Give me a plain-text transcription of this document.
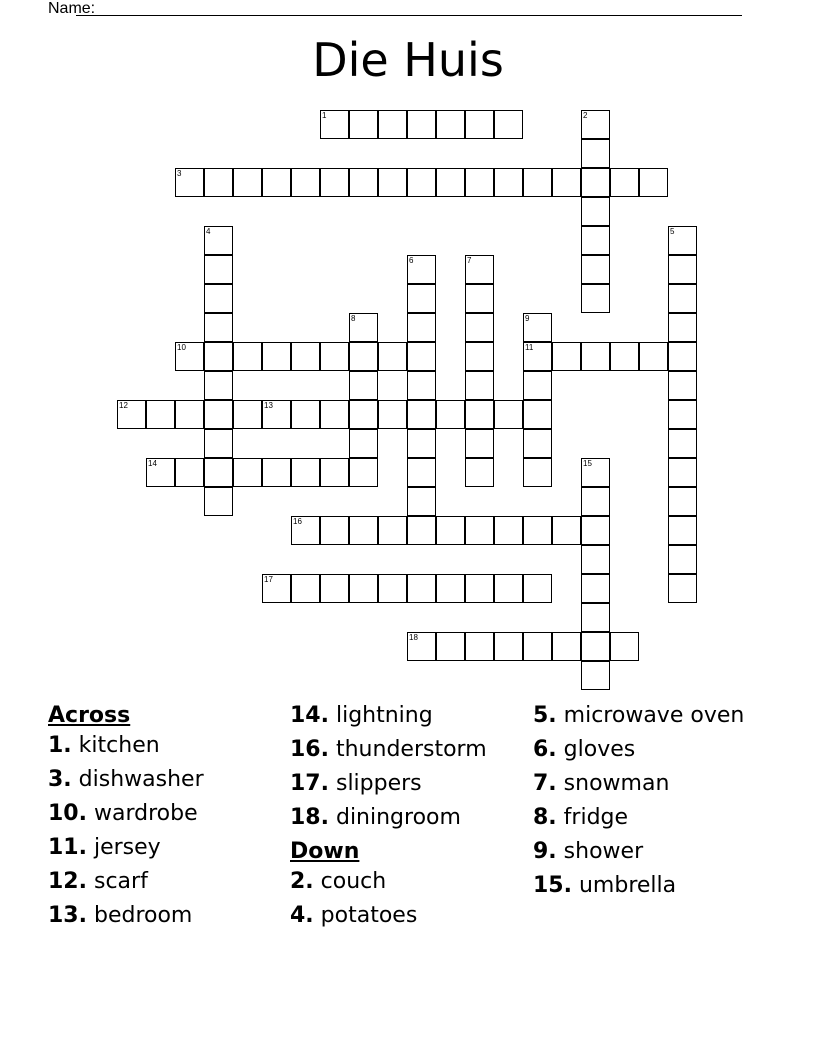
Name:
Die Huis
1	2
3
4	5
6	7
8	9
11
10
12	13
14	15
16
17
18
Across
1. kitchen
3. dishwasher
10. wardrobe
11. jersey
12. scarf
13. bedroom
14. lightning
16. thunderstorm
17. slippers
18. diningroom
Down
2. couch
4. potatoes
5. microwave oven
6. gloves
7. snowman
8. fridge
9. shower
15. umbrella
